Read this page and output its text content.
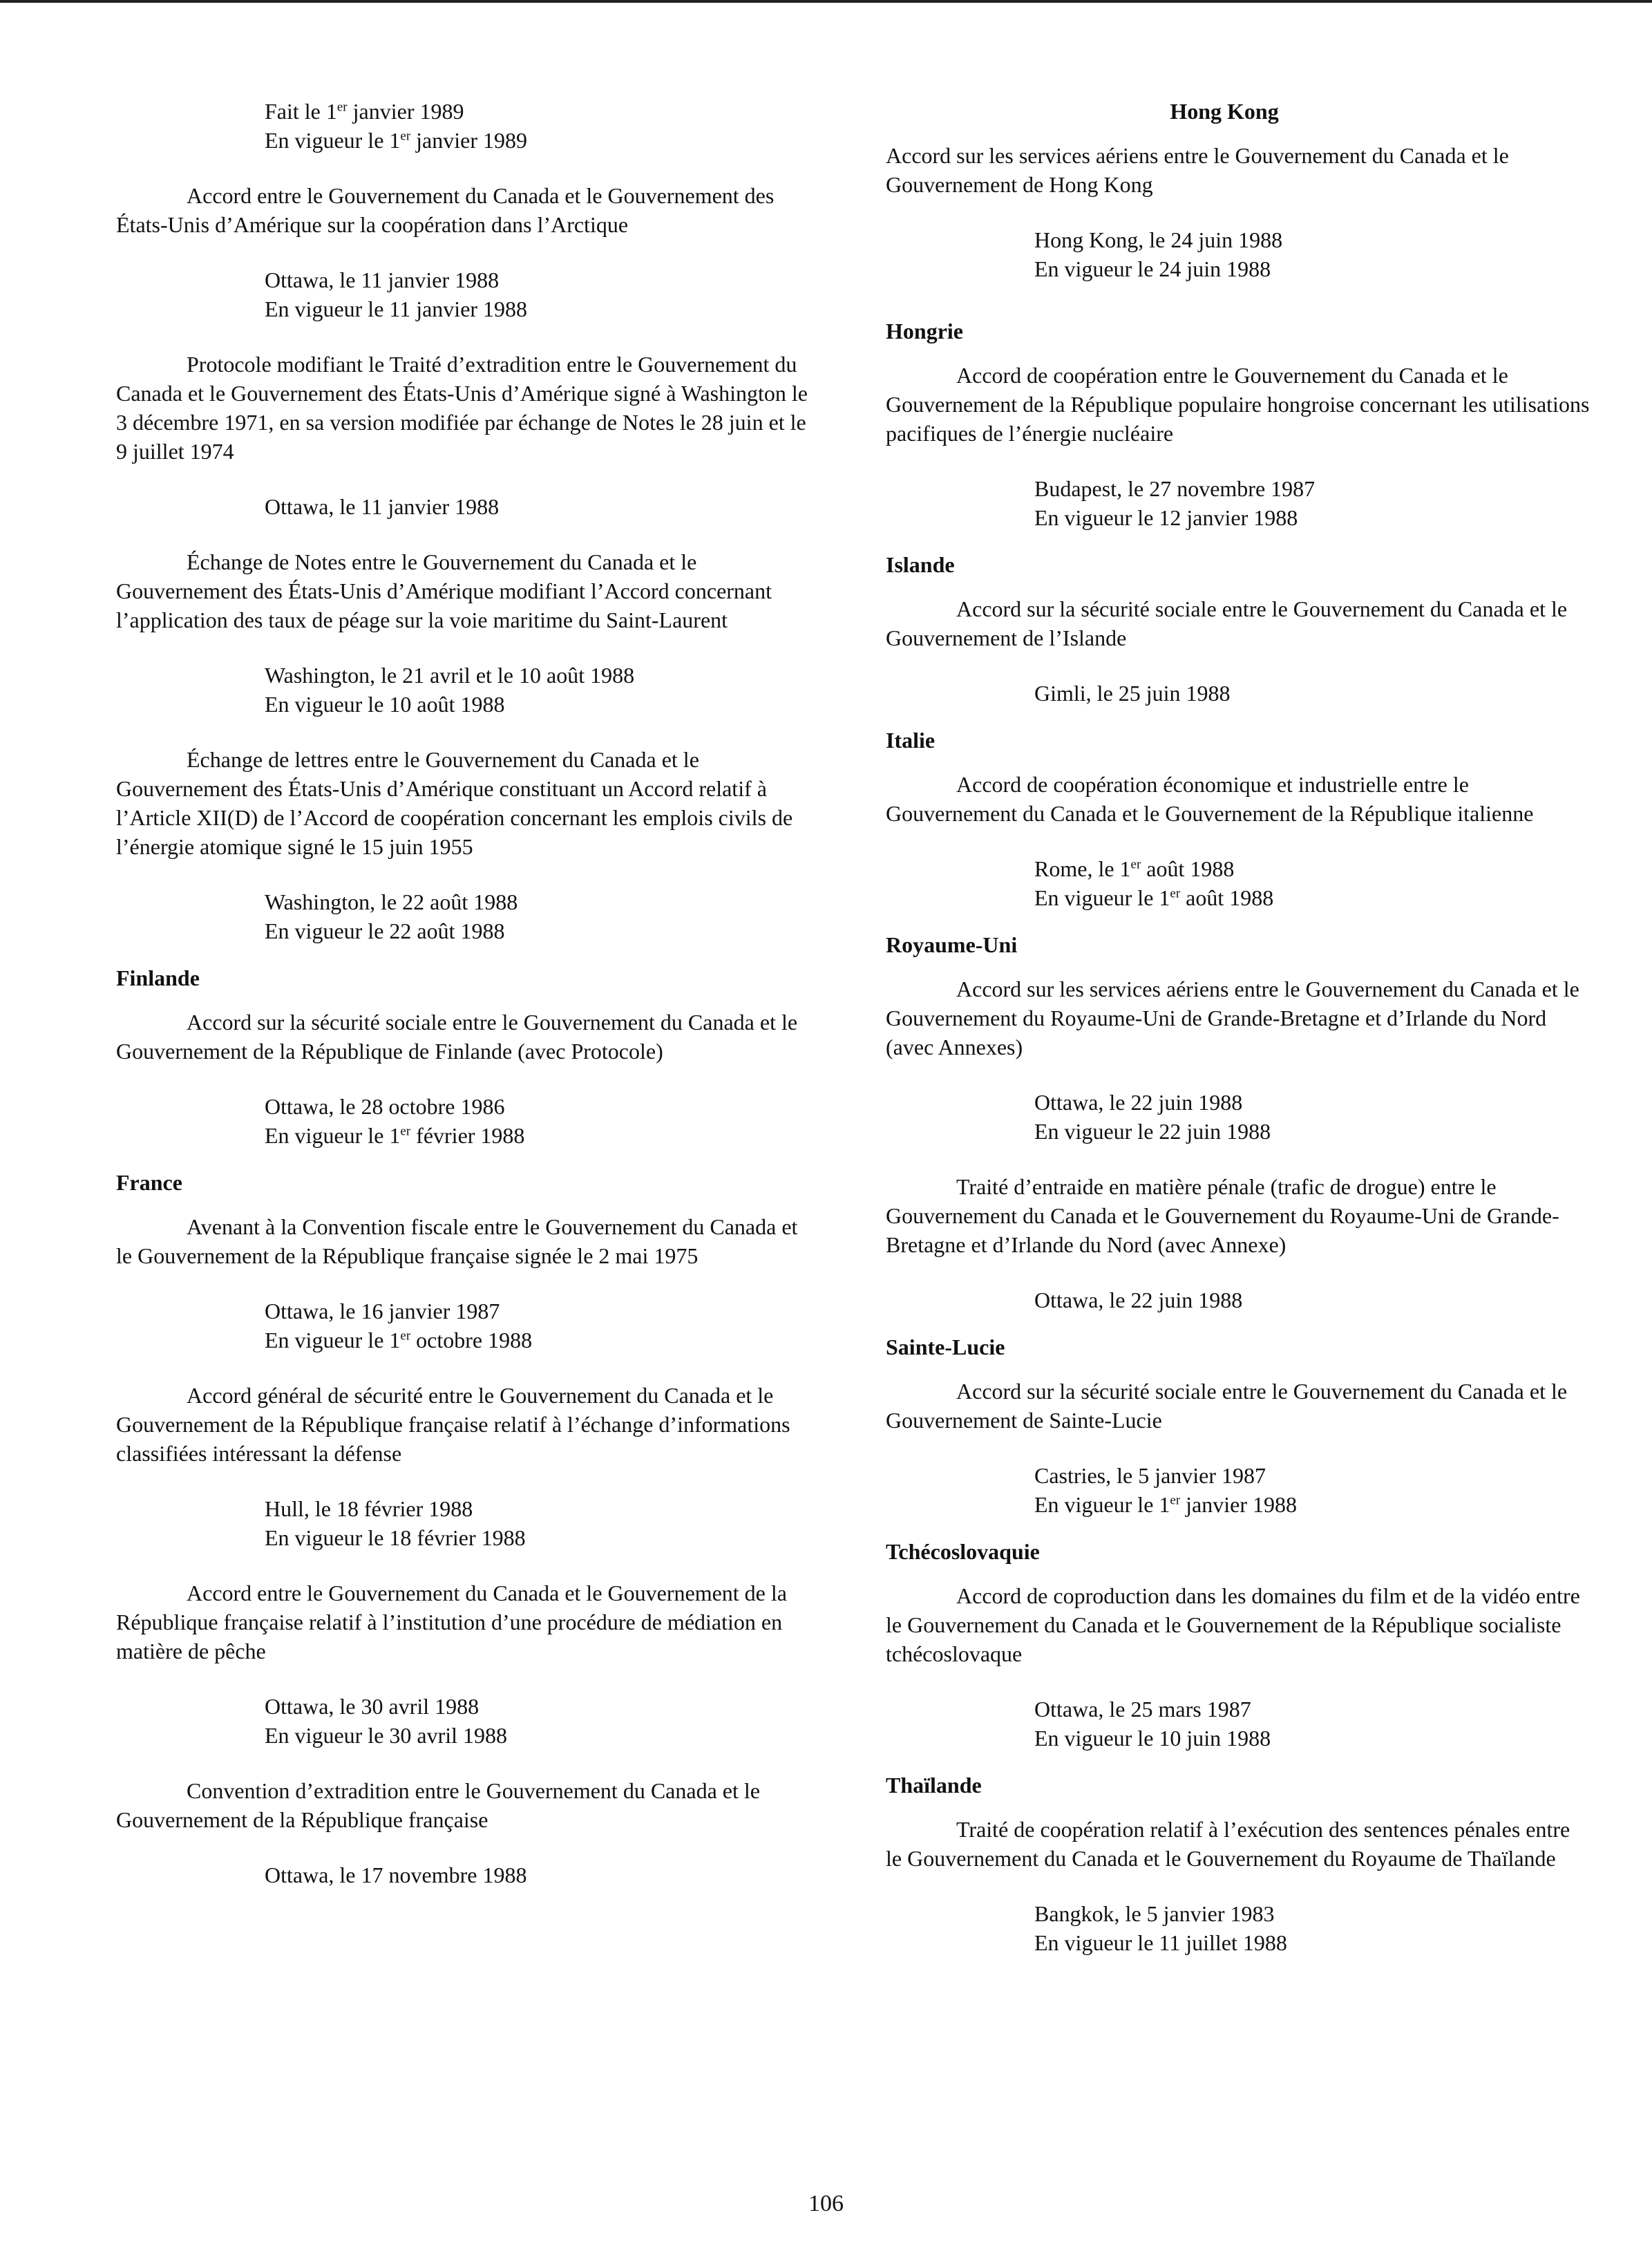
Fait le 1er janvier 1989

En vigueur le 1er janvier 1989

Accord entre le Gouvernement du Canada et le Gouvernement des États-Unis d’Amérique sur la coopération dans l’Arctique

Ottawa, le 11 janvier 1988

En vigueur le 11 janvier 1988

Protocole modifiant le Traité d’extradition entre le Gouvernement du Canada et le Gouvernement des États-Unis d’Amérique signé à Washington le 3 décembre 1971, en sa version modifiée par échange de Notes le 28 juin et le 9 juillet 1974

Ottawa, le 11 janvier 1988

Échange de Notes entre le Gouvernement du Canada et le Gouvernement des États-Unis d’Amérique modifiant l’Accord concernant l’application des taux de péage sur la voie maritime du Saint-Laurent

Washington, le 21 avril et le 10 août 1988

En vigueur le 10 août 1988

Échange de lettres entre le Gouvernement du Canada et le Gouvernement des États-Unis d’Amérique constituant un Accord relatif à l’Article XII(D) de l’Accord de coopération concernant les emplois civils de l’énergie atomique signé le 15 juin 1955

Washington, le 22 août 1988

En vigueur le 22 août 1988

Finlande

Accord sur la sécurité sociale entre le Gouvernement du Canada et le Gouvernement de la République de Finlande (avec Protocole)

Ottawa, le 28 octobre 1986

En vigueur le 1er février 1988

France

Avenant à la Convention fiscale entre le Gouvernement du Canada et le Gouvernement de la République française signée le 2 mai 1975

Ottawa, le 16 janvier 1987

En vigueur le 1er octobre 1988

Accord général de sécurité entre le Gouvernement du Canada et le Gouvernement de la République française relatif à l’échange d’informations classifiées intéressant la défense

Hull, le 18 février 1988

En vigueur le 18 février 1988

Accord entre le Gouvernement du Canada et le Gouvernement de la République française relatif à l’institution d’une procédure de médiation en matière de pêche

Ottawa, le 30 avril 1988

En vigueur le 30 avril 1988

Convention d’extradition entre le Gouvernement du Canada et le Gouvernement de la République française

Ottawa, le 17 novembre 1988

Hong Kong

Accord sur les services aériens entre le Gouvernement du Canada et le Gouvernement de Hong Kong

Hong Kong, le 24 juin 1988

En vigueur le 24 juin 1988

Hongrie

Accord de coopération entre le Gouvernement du Canada et le Gouvernement de la République populaire hongroise concernant les utilisations pacifiques de l’énergie nucléaire

Budapest, le 27 novembre 1987

En vigueur le 12 janvier 1988

Islande

Accord sur la sécurité sociale entre le Gouvernement du Canada et le Gouvernement de l’Islande

Gimli, le 25 juin 1988

Italie

Accord de coopération économique et industrielle entre le Gouvernement du Canada et le Gouvernement de la République italienne

Rome, le 1er août 1988

En vigueur le 1er août 1988

Royaume-Uni

Accord sur les services aériens entre le Gouvernement du Canada et le Gouvernement du Royaume-Uni de Grande-Bretagne et d’Irlande du Nord (avec Annexes)

Ottawa, le 22 juin 1988

En vigueur le 22 juin 1988

Traité d’entraide en matière pénale (trafic de drogue) entre le Gouvernement du Canada et le Gouvernement du Royaume-Uni de Grande-Bretagne et d’Irlande du Nord (avec Annexe)

Ottawa, le 22 juin 1988

Sainte-Lucie

Accord sur la sécurité sociale entre le Gouvernement du Canada et le Gouvernement de Sainte-Lucie

Castries, le 5 janvier 1987

En vigueur le 1er janvier 1988

Tchécoslovaquie

Accord de coproduction dans les domaines du film et de la vidéo entre le Gouvernement du Canada et le Gouvernement de la République socialiste tchécoslovaque

Ottawa, le 25 mars 1987

En vigueur le 10 juin 1988

Thaïlande

Traité de coopération relatif à l’exécution des sentences pénales entre le Gouvernement du Canada et le Gouvernement du Royaume de Thaïlande

Bangkok, le 5 janvier 1983

En vigueur le 11 juillet 1988

106
